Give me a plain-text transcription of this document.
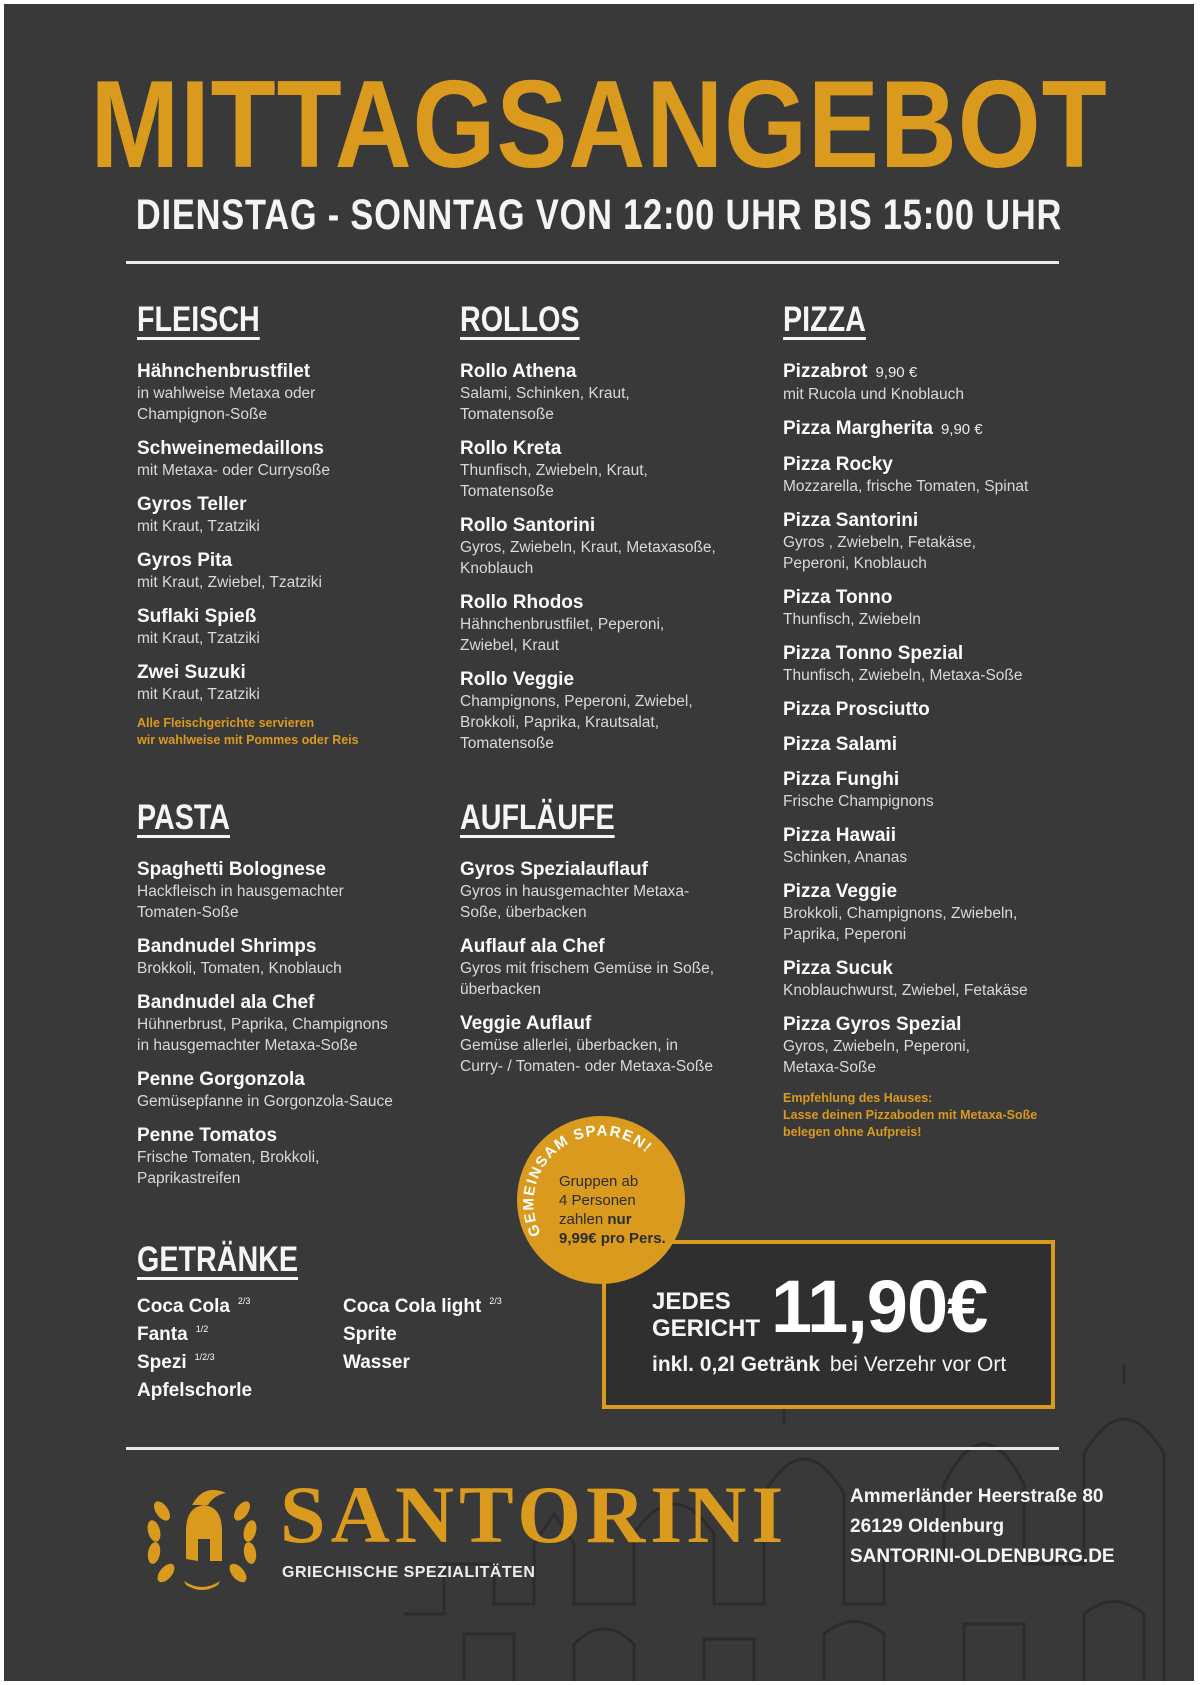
MITTAGSANGEBOT
DIENSTAG - SONNTAG VON 12:00 UHR BIS 15:00 UHR
FLEISCH
Hähnchenbrustfilet
in wahlweise Metaxa oder
Champignon-Soße
Schweinemedaillons
mit Metaxa- oder Currysoße
Gyros Teller
mit Kraut, Tzatziki
Gyros Pita
mit Kraut, Zwiebel, Tzatziki
Suflaki Spieß
mit Kraut, Tzatziki
Zwei Suzuki
mit Kraut, Tzatziki
Alle Fleischgerichte servieren
wir wahlweise mit Pommes oder Reis
PASTA
Spaghetti Bolognese
Hackfleisch in hausgemachter
Tomaten-Soße
Bandnudel Shrimps
Brokkoli, Tomaten, Knoblauch
Bandnudel ala Chef
Hühnerbrust, Paprika, Champignons
in hausgemachter Metaxa-Soße
Penne Gorgonzola
Gemüsepfanne in Gorgonzola-Sauce
Penne Tomatos
Frische Tomaten, Brokkoli,
Paprikastreifen
ROLLOS
Rollo Athena
Salami, Schinken, Kraut,
Tomatensoße
Rollo Kreta
Thunfisch, Zwiebeln, Kraut,
Tomatensoße
Rollo Santorini
Gyros, Zwiebeln, Kraut, Metaxasoße,
Knoblauch
Rollo Rhodos
Hähnchenbrustfilet, Peperoni,
Zwiebel, Kraut
Rollo Veggie
Champignons, Peperoni, Zwiebel,
Brokkoli, Paprika, Krautsalat,
Tomatensoße
AUFLÄUFE
Gyros Spezialauflauf
Gyros in hausgemachter Metaxa-
Soße, überbacken
Auflauf ala Chef
Gyros mit frischem Gemüse in Soße,
überbacken
Veggie Auflauf
Gemüse allerlei, überbacken, in
Curry- / Tomaten- oder Metaxa-Soße
PIZZA
Pizzabrot 9,90 €
mit Rucola und Knoblauch
Pizza Margherita 9,90 €
Pizza Rocky
Mozzarella, frische Tomaten, Spinat
Pizza Santorini
Gyros , Zwiebeln, Fetakäse,
Peperoni, Knoblauch
Pizza Tonno
Thunfisch, Zwiebeln
Pizza Tonno Spezial
Thunfisch, Zwiebeln, Metaxa-Soße
Pizza Prosciutto
Pizza Salami
Pizza Funghi
Frische Champignons
Pizza Hawaii
Schinken, Ananas
Pizza Veggie
Brokkoli, Champignons, Zwiebeln,
Paprika, Peperoni
Pizza Sucuk
Knoblauchwurst, Zwiebel, Fetakäse
Pizza Gyros Spezial
Gyros, Zwiebeln, Peperoni,
Metaxa-Soße
Empfehlung des Hauses:
Lasse deinen Pizzaboden mit Metaxa-Soße
belegen ohne Aufpreis!
GETRÄNKE
Coca Cola $^{2/3}$
Fanta $^{1/2}$
Spezi $^{1/2/3}$
Apfelschorle
Coca Cola light $^{2/3}$
Sprite
Wasser
JEDES
GERICHT 11,90€
inkl. 0,2l Getränk bei Verzehr vor Ort
GEMEINSAM SPAREN!
Gruppen ab
4 Personen
zahlen nur
9,99€ pro Pers.
SANTORINI
GRIECHISCHE SPEZIALITÄTEN
Ammerländer Heerstraße 80
26129 Oldenburg
SANTORINI-OLDENBURG.DE
